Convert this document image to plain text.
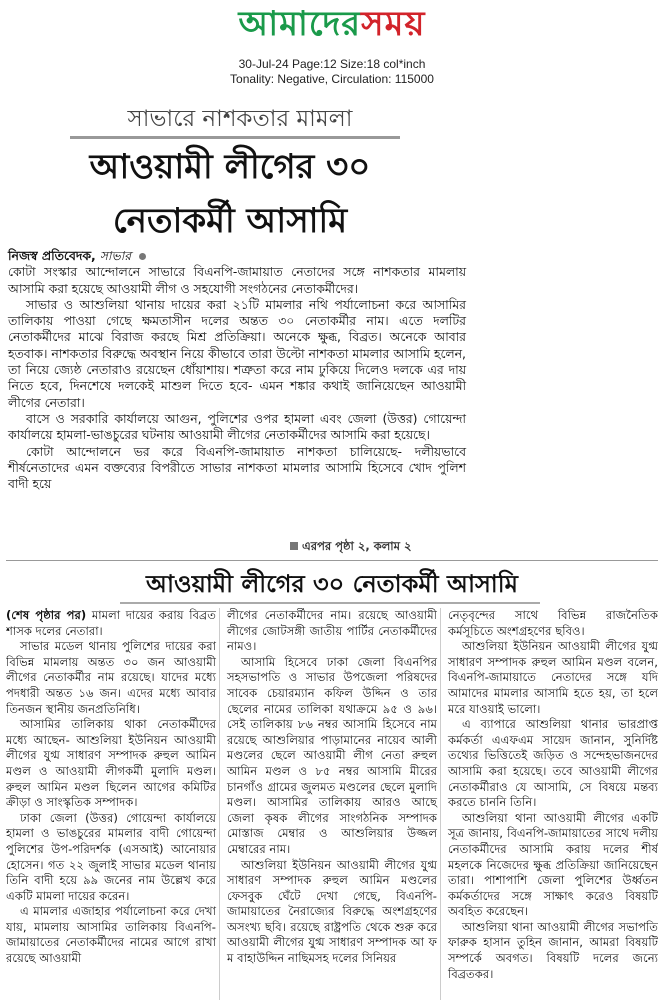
আমাদেরসময়
30-Jul-24 Page:12 Size:18 col*inch
Tonality: Negative, Circulation: 115000
সাভারে নাশকতার মামলা
আওয়ামী লীগের ৩০
নেতাকর্মী আসামি

নিজস্ব প্রতিবেদক, সাভার

কোটা সংস্কার আন্দোলনে সাভারে বিএনপি-জামায়াত নেতাদের সঙ্গে নাশকতার মামলায় আসামি করা হয়েছে আওয়ামী লীগ ও সহযোগী সংগঠনের নেতাকর্মীদের।

সাভার ও আশুলিয়া থানায় দায়ের করা ২১টি মামলার নথি পর্যালোচনা করে আসামির তালিকায় পাওয়া গেছে ক্ষমতাসীন দলের অন্তত ৩০ নেতাকর্মীর নাম। এতে দলটির নেতাকর্মীদের মাঝে বিরাজ করছে মিশ্র প্রতিক্রিয়া। অনেকে ক্ষুব্ধ, বিব্রত। অনেকে আবার হতবাক। নাশকতার বিরুদ্ধে অবস্থান নিয়ে কীভাবে তারা উল্টো নাশকতা মামলার আসামি হলেন, তা নিয়ে জ্যেষ্ঠ নেতারাও রয়েছেন ধোঁয়াশায়। শত্রুতা করে নাম ঢুকিয়ে দিলেও দলকে এর দায় নিতে হবে, দিনশেষে দলকেই মাশুল দিতে হবে- এমন শঙ্কার কথাই জানিয়েছেন আওয়ামী লীগের নেতারা।

বাসে ও সরকারি কার্যালয়ে আগুন, পুলিশের ওপর হামলা এবং জেলা (উত্তর) গোয়েন্দা কার্যালয়ে হামলা-ভাঙচুরের ঘটনায় আওয়ামী লীগের নেতাকর্মীদের আসামি করা হয়েছে।

কোটা আন্দোলনে ভর করে বিএনপি-জামায়াত নাশকতা চালিয়েছে- দলীয়ভাবে শীর্ষনেতাদের এমন বক্তব্যের বিপরীতে সাভার নাশকতা মামলার আসামি হিসেবে খোদ পুলিশ বাদী হয়ে

এরপর পৃষ্ঠা ২, কলাম ২
আওয়ামী লীগের ৩০ নেতাকর্মী আসামি

(শেষ পৃষ্ঠার পর) মামলা দায়ের করায় বিব্রত শাসক দলের নেতারা।

সাভার মডেল থানায় পুলিশের দায়ের করা বিভিন্ন মামলায় অন্তত ৩০ জন আওয়ামী লীগের নেতাকর্মীর নাম রয়েছে। যাদের মধ্যে পদধারী অন্তত ১৬ জন। এদের মধ্যে আবার তিনজন স্থানীয় জনপ্রতিনিধি।

আসামির তালিকায় থাকা নেতাকর্মীদের মধ্যে আছেন- আশুলিয়া ইউনিয়ন আওয়ামী লীগের যুগ্ম সাধারণ সম্পাদক রুহুল আমিন মণ্ডল ও আওয়ামী লীগকর্মী মুলাদি মণ্ডল। রুহুল আমিন মণ্ডল ছিলেন আগের কমিটির ক্রীড়া ও সাংস্কৃতিক সম্পাদক।

ঢাকা জেলা (উত্তর) গোয়েন্দা কার্যালয়ে হামলা ও ভাঙচুরের মামলার বাদী গোয়েন্দা পুলিশের উপ-পরিদর্শক (এসআই) আনোয়ার হোসেন। গত ২২ জুলাই সাভার মডেল থানায় তিনি বাদী হয়ে ৯৯ জনের নাম উল্লেখ করে একটি মামলা দায়ের করেন।

এ মামলার এজাহার পর্যালোচনা করে দেখা যায়, মামলায় আসামির তালিকায় বিএনপি-জামায়াতের নেতাকর্মীদের নামের আগে রাখা রয়েছে আওয়ামী

লীগের নেতাকর্মীদের নাম। রয়েছে আওয়ামী লীগের জোটসঙ্গী জাতীয় পার্টির নেতাকর্মীদের নামও।

আসামি হিসেবে ঢাকা জেলা বিএনপির সহসভাপতি ও সাভার উপজেলা পরিষদের সাবেক চেয়ারম্যান কফিল উদ্দিন ও তার ছেলের নামের তালিকা যথাক্রমে ৯৫ ও ৯৬। সেই তালিকায় ৮৬ নম্বর আসামি হিসেবে নাম রয়েছে আশুলিয়ার পাড়ামানের নায়েব আলী মণ্ডলের ছেলে আওয়ামী লীগ নেতা রুহুল আমিন মণ্ডল ও ৮৫ নম্বর আসামি মীরের চানগাঁও গ্রামের জুলমত মণ্ডলের ছেলে মুলাদি মণ্ডল। আসামির তালিকায় আরও আছে জেলা কৃষক লীগের সাংগঠনিক সম্পাদক মোস্তাজ মেম্বার ও আশুলিয়ার উজ্জল মেম্বারের নাম।

আশুলিয়া ইউনিয়ন আওয়ামী লীগের যুগ্ম সাধারণ সম্পাদক রুহুল আমিন মণ্ডলের ফেসবুক ঘেঁটে দেখা গেছে, বিএনপি-জামায়াতের নৈরাজ্যের বিরুদ্ধে অংশগ্রহণের অসংখ্য ছবি। রয়েছে রাষ্ট্রপতি থেকে শুরু করে আওয়ামী লীগের যুগ্ম সাধারণ সম্পাদক আ ফ ম বাহাউদ্দিন নাছিমসহ দলের সিনিয়র

নেতৃবৃন্দের সাথে বিভিন্ন রাজনৈতিক কর্মসূচিতে অংশগ্রহণের ছবিও।

আশুলিয়া ইউনিয়ন আওয়ামী লীগের যুগ্ম সাধারণ সম্পাদক রুহুল আমিন মণ্ডল বলেন, বিএনপি-জামায়াতে নেতাদের সঙ্গে যদি আমাদের মামলার আসামি হতে হয়, তা হলে মরে যাওয়াই ভালো।

এ ব্যাপারে আশুলিয়া থানার ভারপ্রাপ্ত কর্মকর্তা এএফএম সায়েদ জানান, সুনির্দিষ্ট তথ্যের ভিত্তিতেই জড়িত ও সন্দেহভাজনদের আসামি করা হয়েছে। তবে আওয়ামী লীগের নেতাকর্মীরাও যে আসামি, সে বিষয়ে মন্তব্য করতে চাননি তিনি।

আশুলিয়া থানা আওয়ামী লীগের একটি সূত্র জানায়, বিএনপি-জামায়াতের সাথে দলীয় নেতাকর্মীদের আসামি করায় দলের শীর্ষ মহলকে নিজেদের ক্ষুব্ধ প্রতিক্রিয়া জানিয়েছেন তারা। পাশাপাশি জেলা পুলিশের উর্ধ্বতন কর্মকর্তাদের সঙ্গে সাক্ষাৎ করেও বিষয়টি অবহিত করেছেন।

আশুলিয়া থানা আওয়ামী লীগের সভাপতি ফারুক হাসান তুহিন জানান, আমরা বিষয়টি সম্পর্কে অবগত। বিষয়টি দলের জন্যে বিব্রতকর।
